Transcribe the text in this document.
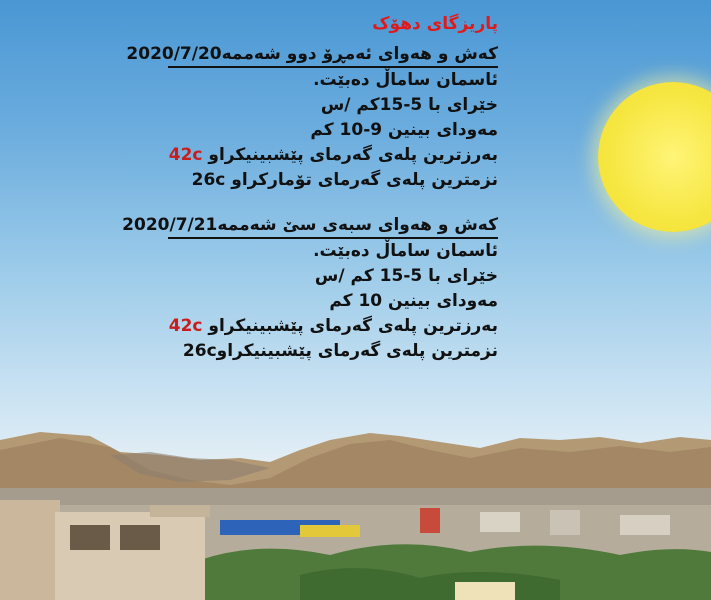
پاریزگای دهۆک
کەش و هەوای ئەمڕۆ دوو شەممە
2020/7/20
ئاسمان ساماڵ دەبێت.
خێرای با 5-15کم /س
مەودای بینین 9-10 کم
بەرزترین پلەی گەرمای پێشبینیکراو 42c
نزمترین پلەی گەرمای تۆمارکراو 26c
کەش و هەوای سبەی سێ شەممە
2020/7/21
ئاسمان ساماڵ دەبێت.
خێرای با 5-15 کم /س
مەودای بینین 10 کم
بەرزترین پلەی گەرمای پێشبینیکراو 42c
نزمترین پلەی گەرمای پێشبینیکراو26c
